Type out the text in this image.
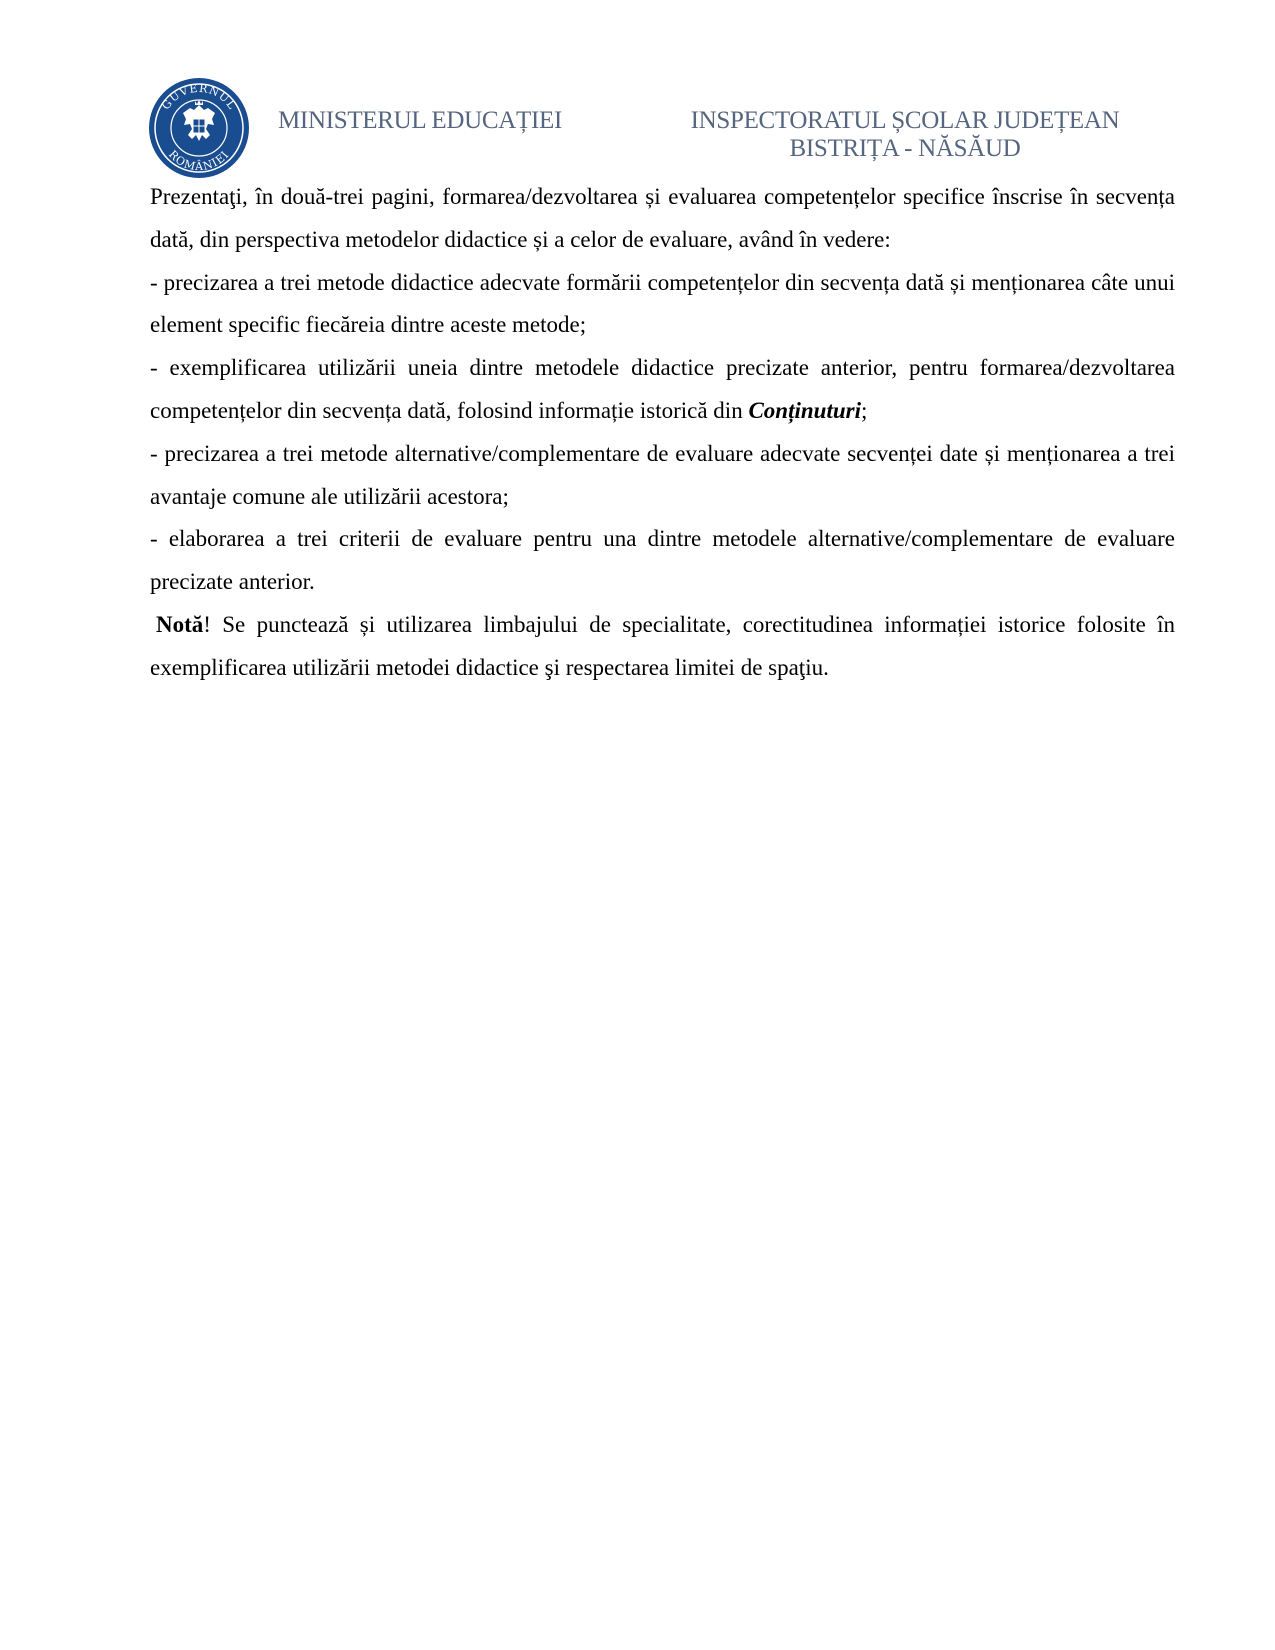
GUVERNUL
ROMÂNIEI
MINISTERUL EDUCAȚIEI	INSPECTORATUL ȘCOLAR JUDEȚEAN
BISTRIȚA - NĂSĂUD

Prezentaţi, în două-trei pagini, formarea/dezvoltarea și evaluarea competențelor specifice înscrise în secvența dată, din perspectiva metodelor didactice și a celor de evaluare, având în vedere:

- precizarea a trei metode didactice adecvate formării competențelor din secvența dată și menționarea câte unui element specific fiecăreia dintre aceste metode;

- exemplificarea utilizării uneia dintre metodele didactice precizate anterior, pentru formarea/dezvoltarea competențelor din secvența dată, folosind informație istorică din Conținuturi;

- precizarea a trei metode alternative/complementare de evaluare adecvate secvenței date și menționarea a trei avantaje comune ale utilizării acestora;

- elaborarea a trei criterii de evaluare pentru una dintre metodele alternative/complementare de evaluare precizate anterior.

Notă! Se punctează și utilizarea limbajului de specialitate, corectitudinea informației istorice folosite în exemplificarea utilizării metodei didactice şi respectarea limitei de spaţiu.
